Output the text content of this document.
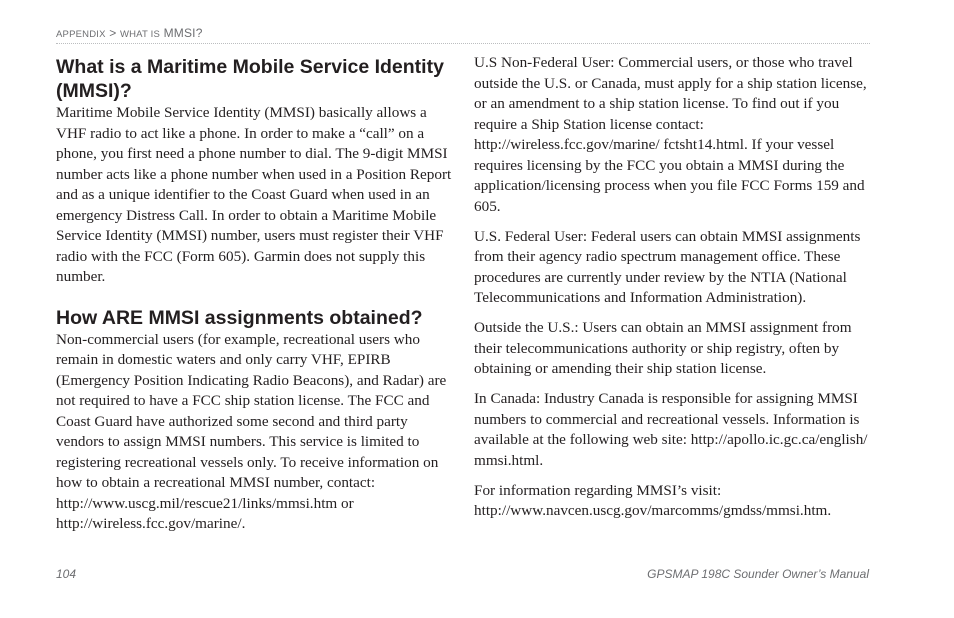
APPENDIX > WHAT IS MMSI?
What is a Maritime Mobile Service Identity (MMSI)?

Maritime Mobile Service Identity (MMSI) basically allows a VHF radio to act like a phone. In order to make a “call” on a phone, you first need a phone number to dial. The 9-digit MMSI number acts like a phone number when used in a Position Report and as a unique identifier to the Coast Guard when used in an emergency Distress Call. In order to obtain a Maritime Mobile Service Identity (MMSI) number, users must register their VHF radio with the FCC (Form 605). Garmin does not supply this number.

How ARE MMSI assignments obtained?

Non-commercial users (for example, recreational users who remain in domestic waters and only carry VHF, EPIRB (Emergency Position Indicating Radio Beacons), and Radar) are not required to have a FCC ship station license. The FCC and Coast Guard have authorized some second and third party vendors to assign MMSI numbers. This service is limited to registering recreational vessels only. To receive information on how to obtain a recreational MMSI number, contact: http://www.uscg.mil/rescue21/links/mmsi.htm or http://wireless.fcc.gov/marine/.

U.S Non-Federal User: Commercial users, or those who travel outside the U.S. or Canada, must apply for a ship station license, or an amendment to a ship station license. To find out if you require a Ship Station license contact: http://wireless.fcc.gov/marine/ fctsht14.html. If your vessel requires licensing by the FCC you obtain a MMSI during the application/licensing process when you file FCC Forms 159 and 605.

U.S. Federal User: Federal users can obtain MMSI assignments from their agency radio spectrum management office. These procedures are currently under review by the NTIA (National Telecommunications and Information Administration).

Outside the U.S.: Users can obtain an MMSI assignment from their telecommunications authority or ship registry, often by obtaining or amending their ship station license.

In Canada: Industry Canada is responsible for assigning MMSI numbers to commercial and recreational vessels. Information is available at the following web site: http://apollo.ic.gc.ca/english/ mmsi.html.

For information regarding MMSI’s visit: http://www.navcen.uscg.gov/marcomms/gmdss/mmsi.htm.

104	GPSMAP 198C Sounder Owner’s Manual
